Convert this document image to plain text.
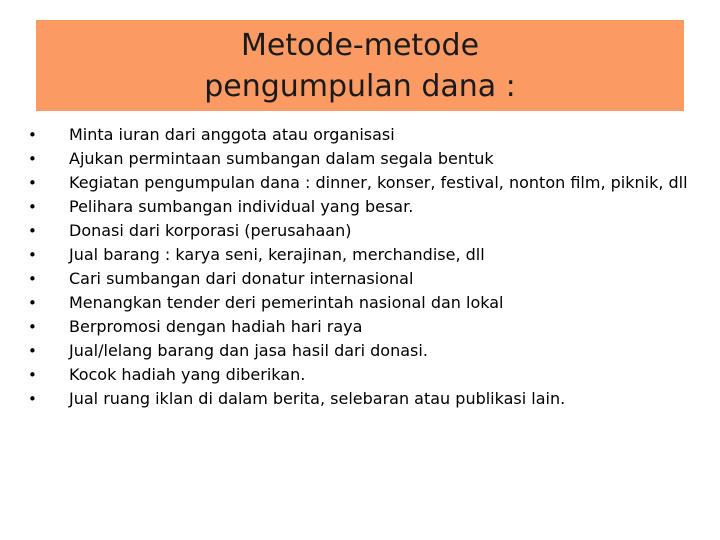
Metode-metode
pengumpulan dana :
•	Minta iuran dari anggota atau organisasi
•	Ajukan permintaan sumbangan dalam segala bentuk
•	Kegiatan pengumpulan dana : dinner, konser, festival, nonton film, piknik, dll
•	Pelihara sumbangan individual yang besar.
•	Donasi dari korporasi (perusahaan)
•	Jual barang : karya seni, kerajinan, merchandise, dll
•	Cari sumbangan dari donatur internasional
•	Menangkan tender deri pemerintah nasional dan lokal
•	Berpromosi dengan hadiah hari raya
•	Jual/lelang barang dan jasa hasil dari donasi.
•	Kocok hadiah yang diberikan.
•	Jual ruang iklan di dalam berita, selebaran atau publikasi lain.
